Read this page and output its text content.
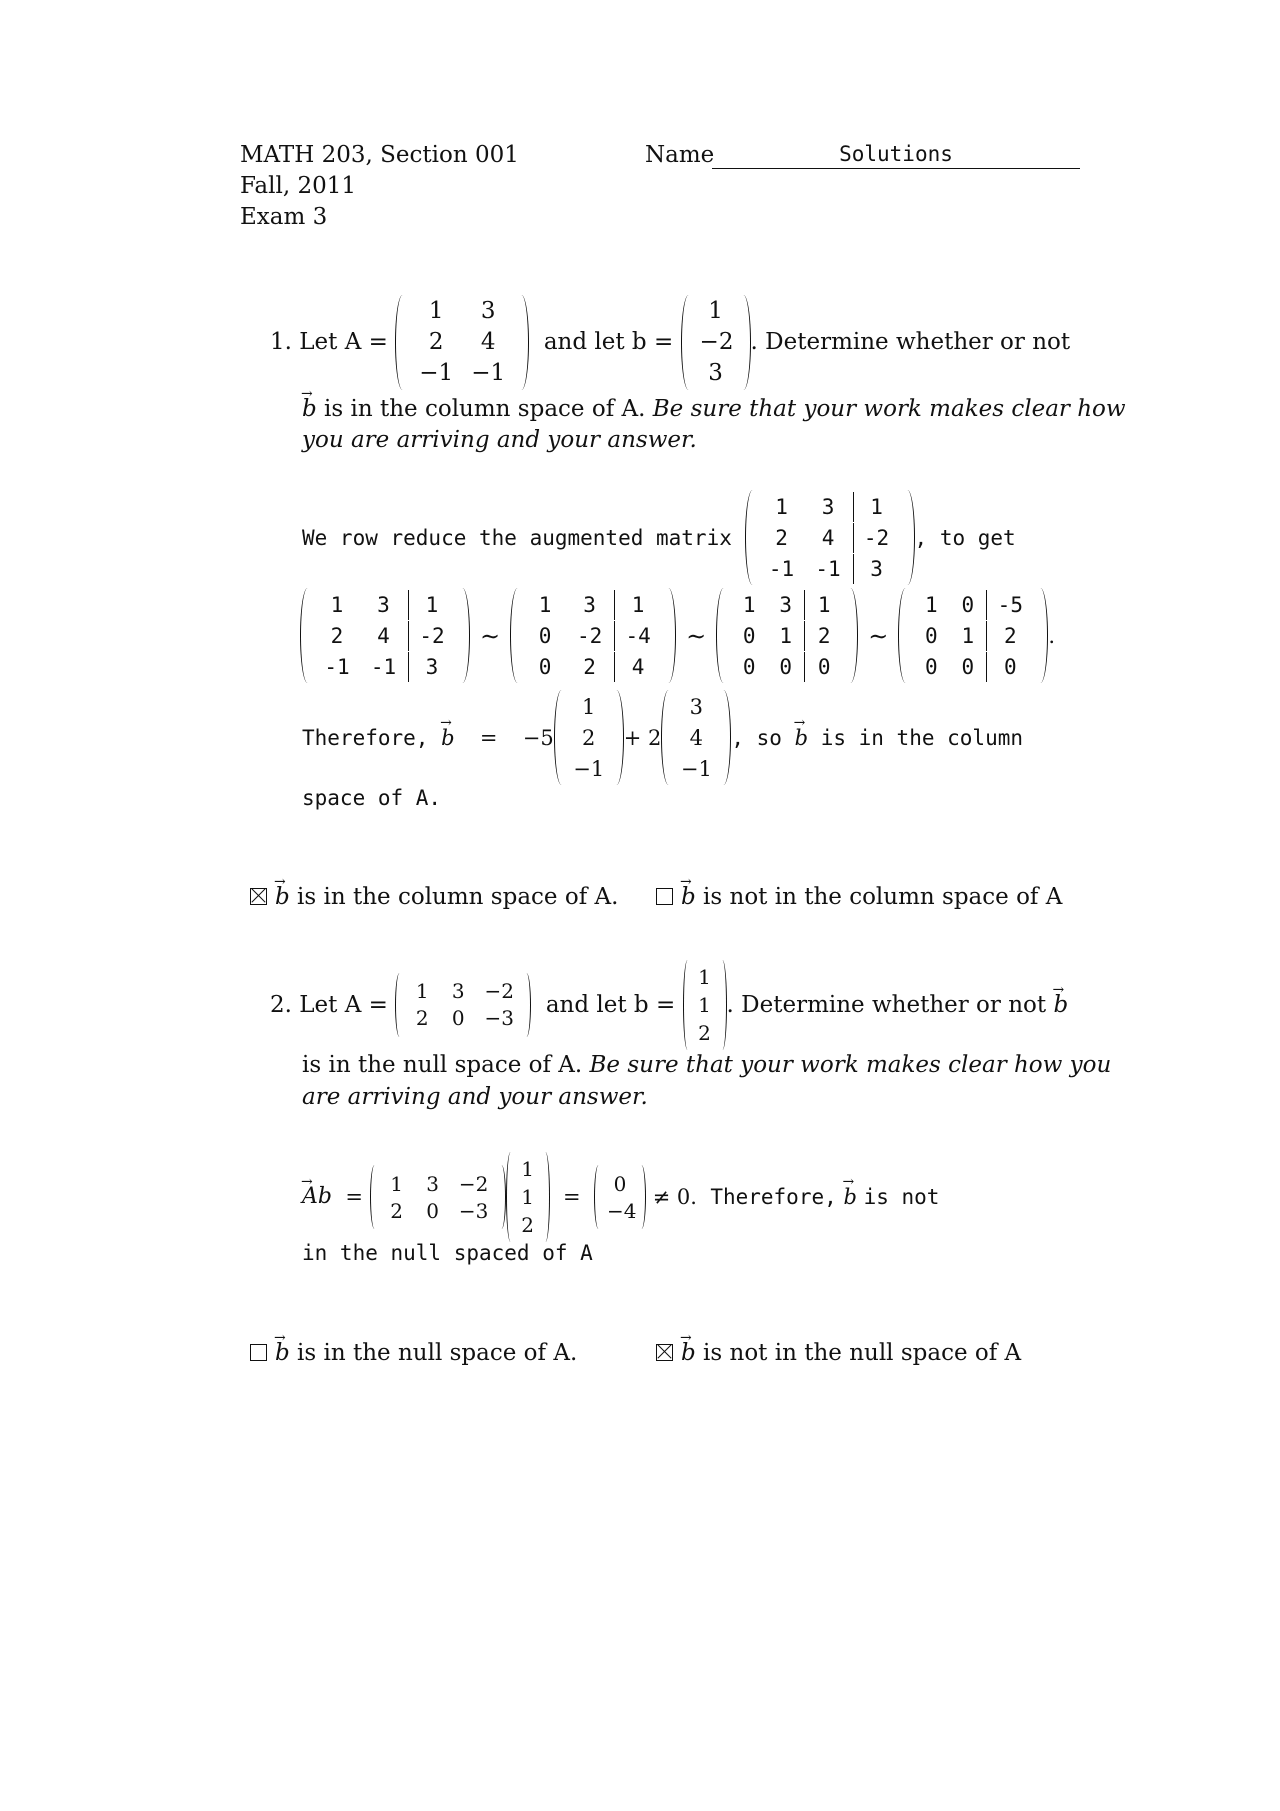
MATH 203, Section 001
Fall, 2011
Exam 3
Name	Solutions
1.
Let A =

1	3
2	4
−1 −1

and let b =

1
−2
3
. Determine whether or not
→ b is in the column space of A. Be sure that your work makes clear how
you are arriving and your answer.
We row reduce the augmented matrix

1	3	1
2	4	-2
-1	-1	3
, to get
1	3	1
2	4	-2
-1	-1	3
∼
1	3	1
0	-2	-4
0	2	4
∼
1	3	1
0	1	2
0	0	0
∼
1	0	-5
0	1	2
0	0	0
.
Therefore,
→ b
=
−5
1
2
−1
+ 2
3
4
−1
, so
→ b
is in the column
space of A.
→ b is in the column space of A.	→ b is not in the column space of A
2.
Let A =

1	3 −2
2	0 −3

and let b =

1
1
2
. Determine whether or not
→ b
is in the null space of A. Be sure that your work makes clear how you
are arriving and your answer.
→ Ab
=

1	3 −2
2	0 −3
1
1
2

=

0
−4

≠ 0.
Therefore,
→ b
is not
in the null spaced of A
→ b is in the null space of A.	→ b is not in the null space of A
